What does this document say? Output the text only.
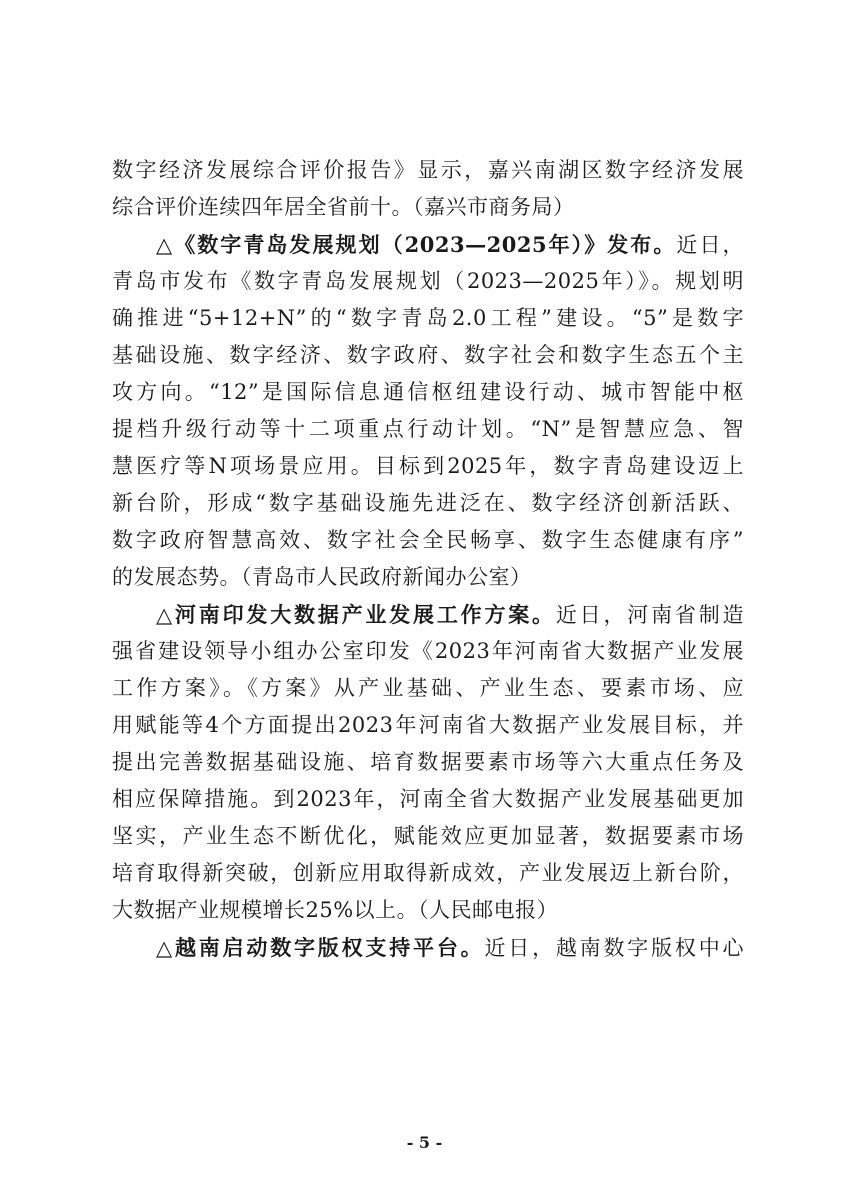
数字经济发展综合评价报告》显示，嘉兴南湖区数字经济发展
综合评价连续四年居全省前十。（嘉兴市商务局）
△《数字青岛发展规划（2023—2025年）》发布。近日，
青岛市发布《数字青岛发展规划（2023—2025年）》。规划明
确推进“5+12+N”的“数字青岛2.0工程”建设。“5”是数字
基础设施、数字经济、数字政府、数字社会和数字生态五个主
攻方向。“12”是国际信息通信枢纽建设行动、城市智能中枢
提档升级行动等十二项重点行动计划。“N”是智慧应急、智
慧医疗等N项场景应用。目标到2025年，数字青岛建设迈上
新台阶，形成“数字基础设施先进泛在、数字经济创新活跃、
数字政府智慧高效、数字社会全民畅享、数字生态健康有序”
的发展态势。（青岛市人民政府新闻办公室）
△河南印发大数据产业发展工作方案。近日，河南省制造
强省建设领导小组办公室印发《2023年河南省大数据产业发展
工作方案》。《方案》从产业基础、产业生态、要素市场、应
用赋能等4个方面提出2023年河南省大数据产业发展目标，并
提出完善数据基础设施、培育数据要素市场等六大重点任务及
相应保障措施。到2023年，河南全省大数据产业发展基础更加
坚实，产业生态不断优化，赋能效应更加显著，数据要素市场
培育取得新突破，创新应用取得新成效，产业发展迈上新台阶，
大数据产业规模增长25%以上。（人民邮电报）
△越南启动数字版权支持平台。近日，越南数字版权中心
- 5 -
